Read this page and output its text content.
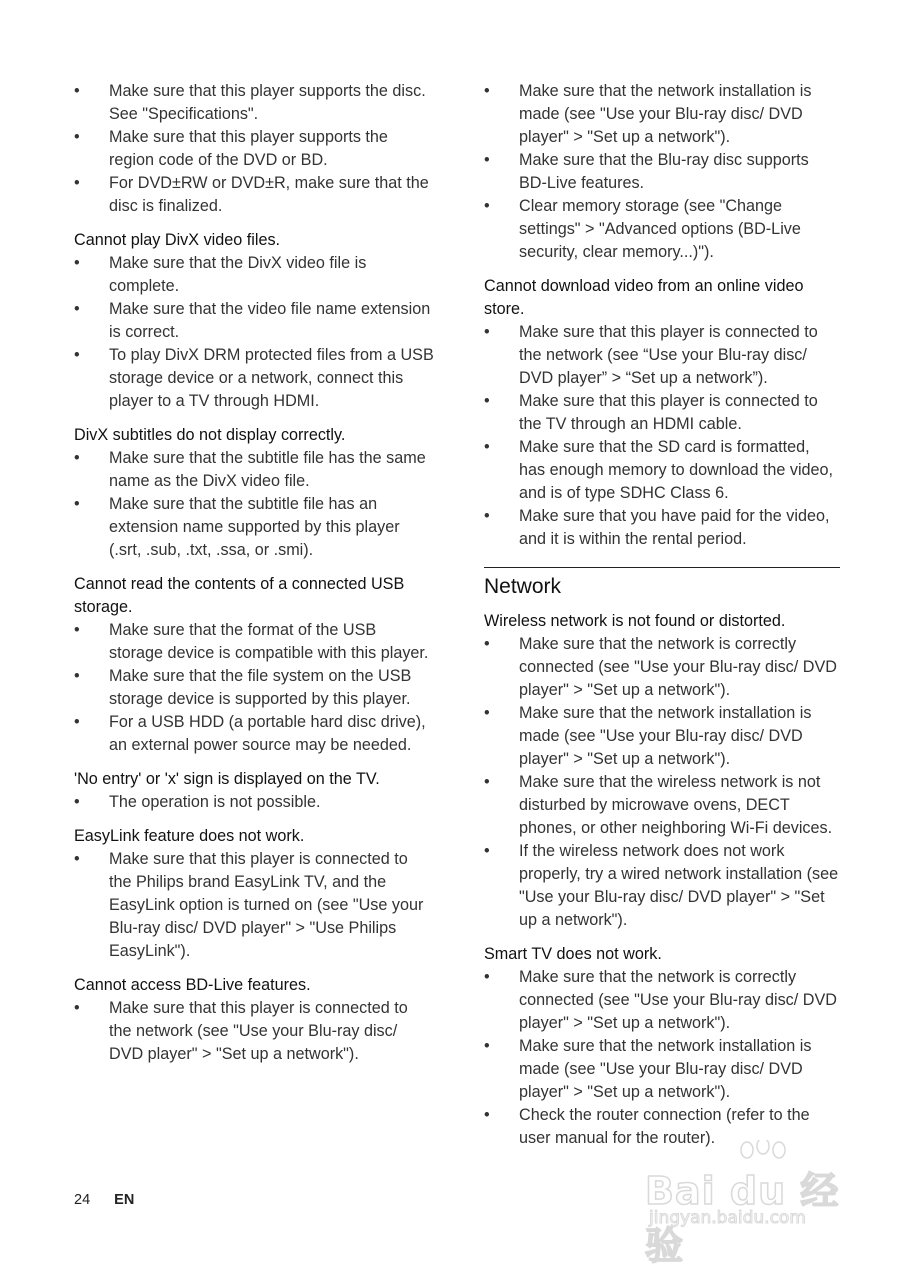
• Make sure that this player supports the disc. See "Specifications".
• Make sure that this player supports the region code of the DVD or BD.
• For DVD±RW or DVD±R, make sure that the disc is finalized.
Cannot play DivX video files.
• Make sure that the DivX video file is complete.
• Make sure that the video file name extension is correct.
• To play DivX DRM protected files from a USB storage device or a network, connect this player to a TV through HDMI.
DivX subtitles do not display correctly.
• Make sure that the subtitle file has the same name as the DivX video file.
• Make sure that the subtitle file has an extension name supported by this player (.srt, .sub, .txt, .ssa, or .smi).
Cannot read the contents of a connected USB storage.
• Make sure that the format of the USB storage device is compatible with this player.
• Make sure that the file system on the USB storage device is supported by this player.
• For a USB HDD (a portable hard disc drive), an external power source may be needed.
'No entry' or 'x' sign is displayed on the TV.
• The operation is not possible.
EasyLink feature does not work.
• Make sure that this player is connected to the Philips brand EasyLink TV, and the EasyLink option is turned on (see "Use your Blu-ray disc/ DVD player" > "Use Philips EasyLink").
Cannot access BD-Live features.
• Make sure that this player is connected to the network (see "Use your Blu-ray disc/ DVD player" > "Set up a network").
• Make sure that the network installation is made (see "Use your Blu-ray disc/ DVD player" > "Set up a network").
• Make sure that the Blu-ray disc supports BD-Live features.
• Clear memory storage (see "Change settings" > "Advanced options (BD-Live security, clear memory...)").
Cannot download video from an online video store.
• Make sure that this player is connected to the network (see “Use your Blu-ray disc/ DVD player” > “Set up a network”).
• Make sure that this player is connected to the TV through an HDMI cable.
• Make sure that the SD card is formatted, has enough memory to download the video, and is of type SDHC Class 6.
• Make sure that you have paid for the video, and it is within the rental period.
Network
Wireless network is not found or distorted.
• Make sure that the network is correctly connected (see "Use your Blu-ray disc/ DVD player" > "Set up a network").
• Make sure that the network installation is made (see "Use your Blu-ray disc/ DVD player" > "Set up a network").
• Make sure that the wireless network is not disturbed by microwave ovens, DECT phones, or other neighboring Wi-Fi devices.
• If the wireless network does not work properly, try a wired network installation (see "Use your Blu-ray disc/ DVD player" > "Set up a network").
Smart TV does not work.
• Make sure that the network is correctly connected (see "Use your Blu-ray disc/ DVD player" > "Set up a network").
• Make sure that the network installation is made (see "Use your Blu-ray disc/ DVD player" > "Set up a network").
• Check the router connection (refer to the user manual for the router).
24 EN	Bai du 经验
jingyan.baidu.com
